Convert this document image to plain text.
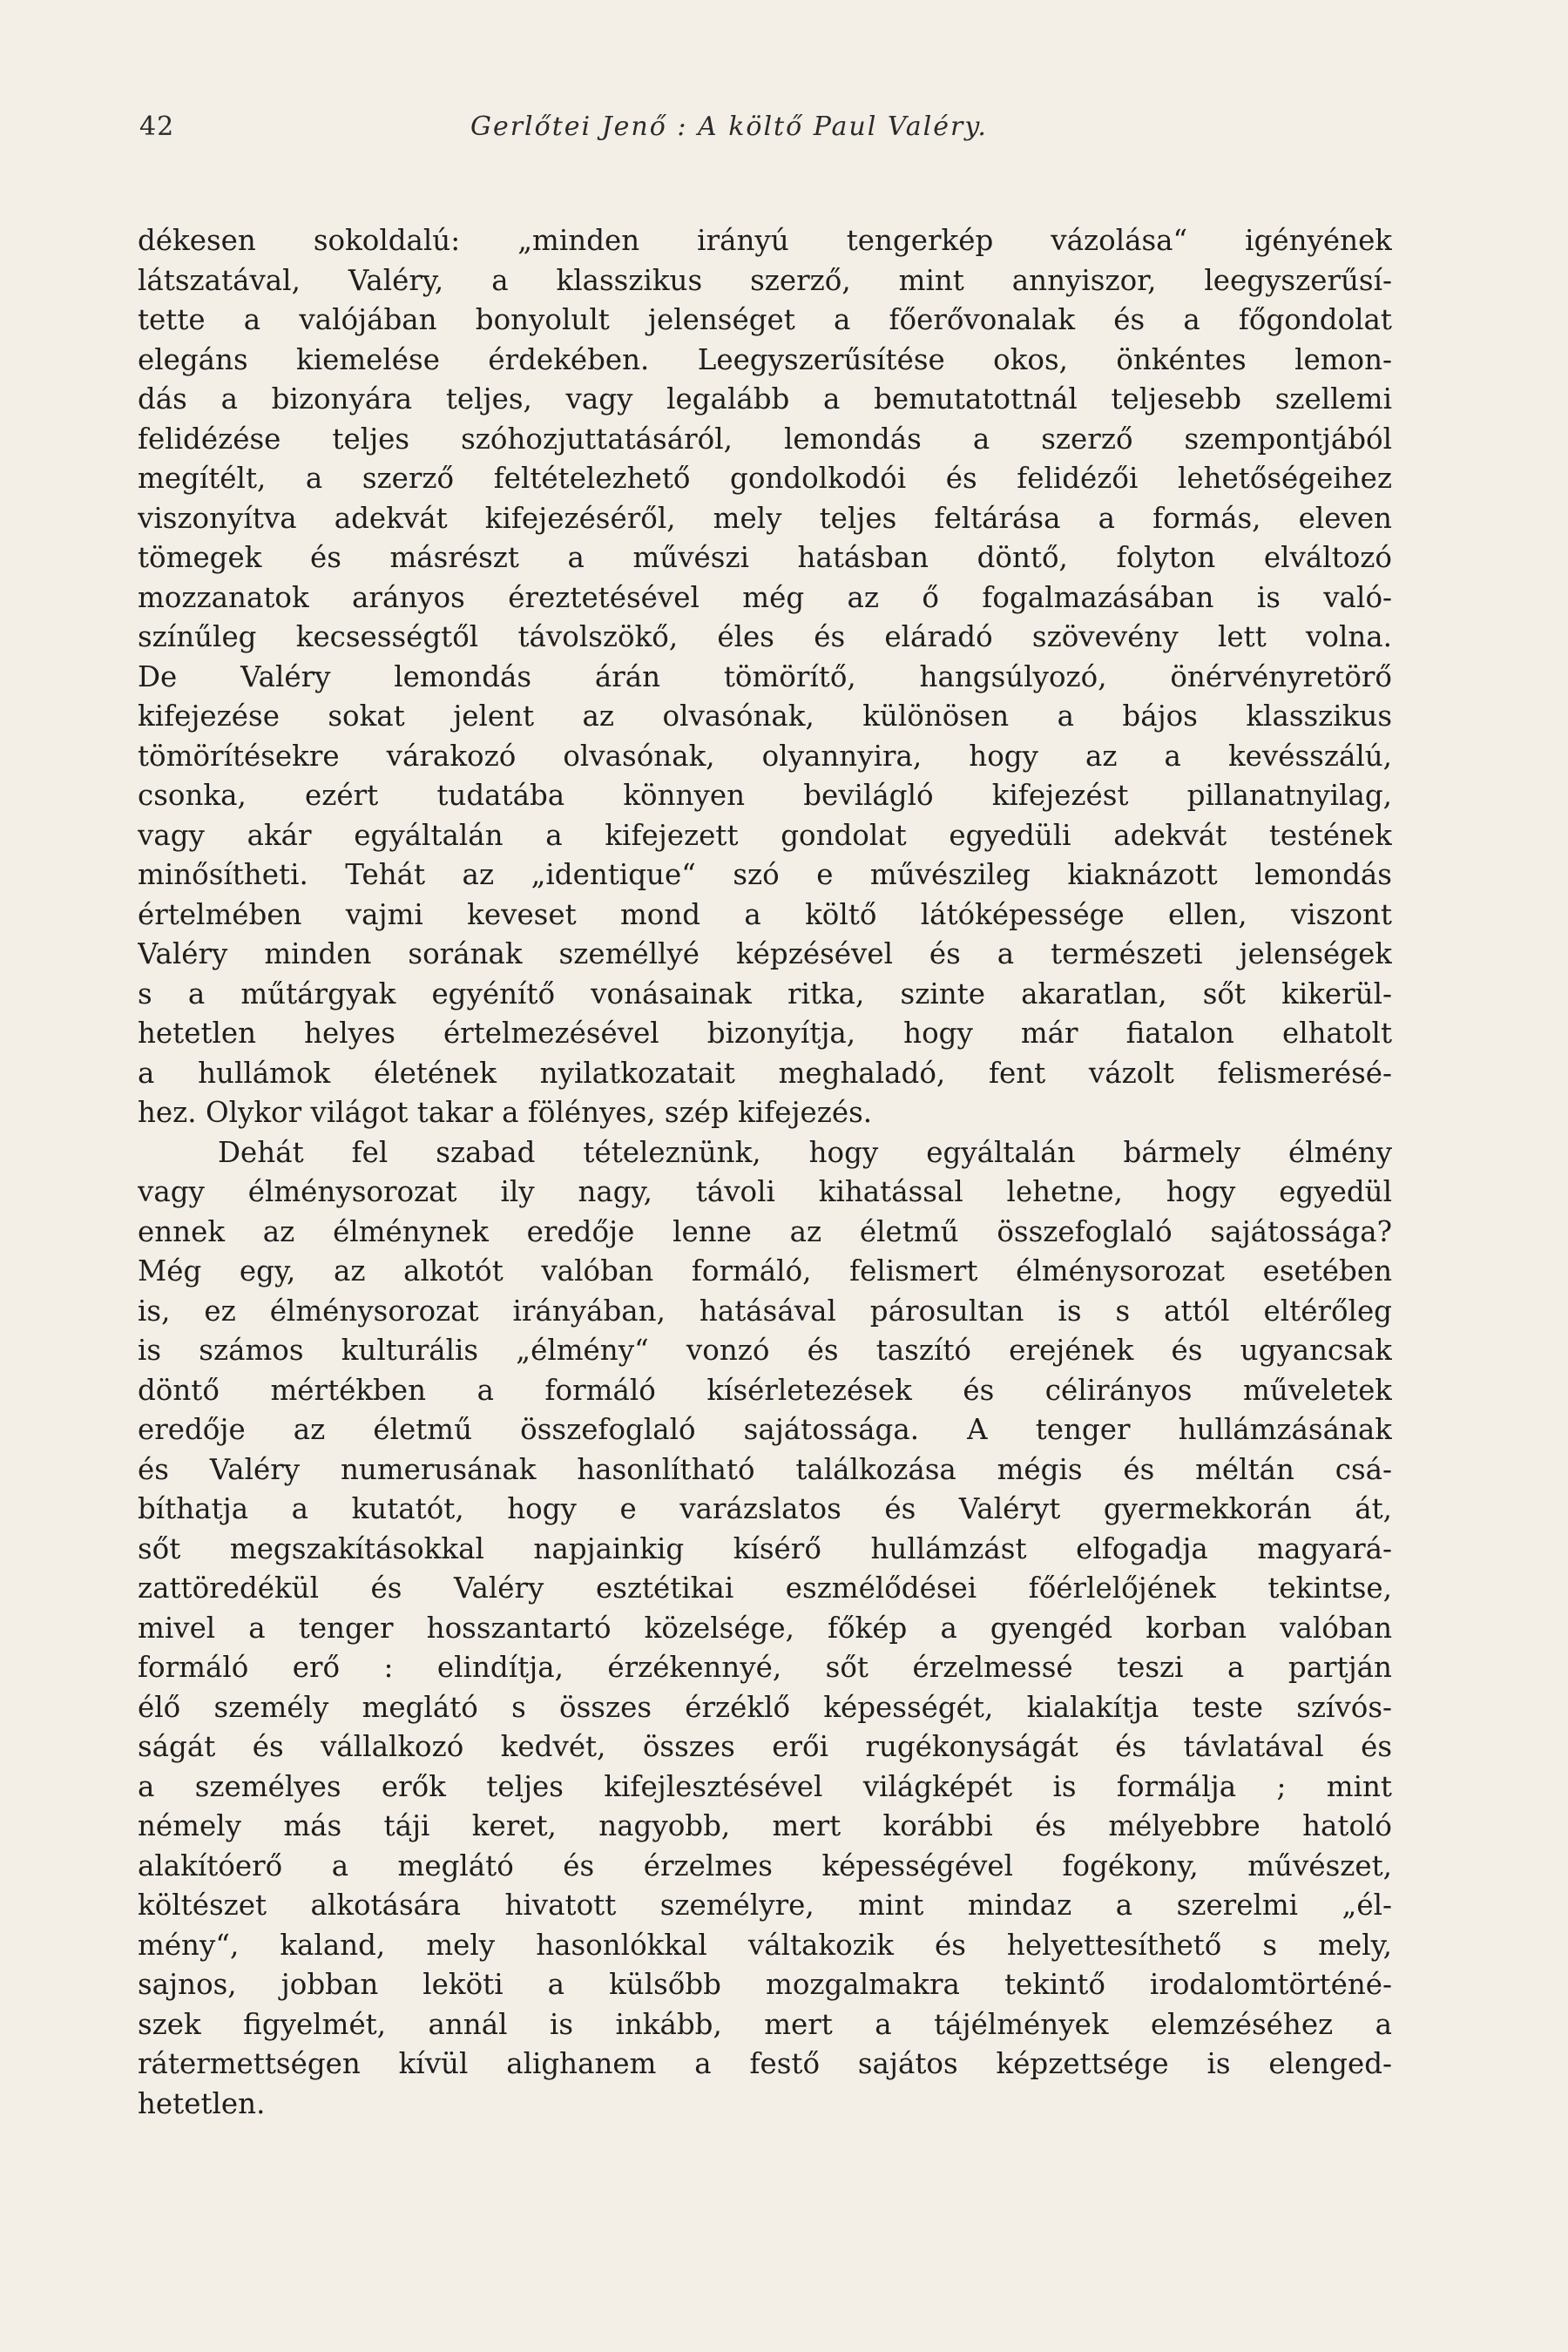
42	Gerlőtei Jenő : A költő Paul Valéry.
dékesen sokoldalú: „minden irányú tengerkép vázolása“ igényének
látszatával, Valéry, a klasszikus szerző, mint annyiszor, leegyszerűsí-
tette a valójában bonyolult jelenséget a főerővonalak és a főgondolat
elegáns kiemelése érdekében. Leegyszerűsítése okos, önkéntes lemon-
dás a bizonyára teljes, vagy legalább a bemutatottnál teljesebb szellemi
felidézése teljes szóhozjuttatásáról, lemondás a szerző szempontjából
megítélt, a szerző feltételezhető gondolkodói és felidézői lehetőségeihez
viszonyítva adekvát kifejezéséről, mely teljes feltárása a formás, eleven
tömegek és másrészt a művészi hatásban döntő, folyton elváltozó
mozzanatok arányos éreztetésével még az ő fogalmazásában is való-
színűleg kecsességtől távolszökő, éles és eláradó szövevény lett volna.
De Valéry lemondás árán tömörítő, hangsúlyozó, önérvényretörő
kifejezése sokat jelent az olvasónak, különösen a bájos klasszikus
tömörítésekre várakozó olvasónak, olyannyira, hogy az a kevésszálú,
csonka, ezért tudatába könnyen bevilágló kifejezést pillanatnyilag,
vagy akár egyáltalán a kifejezett gondolat egyedüli adekvát testének
minősítheti. Tehát az „identique“ szó e művészileg kiaknázott lemondás
értelmében vajmi keveset mond a költő látóképessége ellen, viszont
Valéry minden sorának személlyé képzésével és a természeti jelenségek
s a műtárgyak egyénítő vonásainak ritka, szinte akaratlan, sőt kikerül-
hetetlen helyes értelmezésével bizonyítja, hogy már fiatalon elhatolt
a hullámok életének nyilatkozatait meghaladó, fent vázolt felismerésé-
hez. Olykor világot takar a fölényes, szép kifejezés.
Dehát fel szabad tételeznünk, hogy egyáltalán bármely élmény
vagy élménysorozat ily nagy, távoli kihatással lehetne, hogy egyedül
ennek az élménynek eredője lenne az életmű összefoglaló sajátossága?
Még egy, az alkotót valóban formáló, felismert élménysorozat esetében
is, ez élménysorozat irányában, hatásával párosultan is s attól eltérőleg
is számos kulturális „élmény“ vonzó és taszító erejének és ugyancsak
döntő mértékben a formáló kísérletezések és célirányos műveletek
eredője az életmű összefoglaló sajátossága. A tenger hullámzásának
és Valéry numerusának hasonlítható találkozása mégis és méltán csá-
bíthatja a kutatót, hogy e varázslatos és Valéryt gyermekkorán át,
sőt megszakításokkal napjainkig kísérő hullámzást elfogadja magyará-
zattöredékül és Valéry esztétikai eszmélődései főérlelőjének tekintse,
mivel a tenger hosszantartó közelsége, főkép a gyengéd korban valóban
formáló erő : elindítja, érzékennyé, sőt érzelmessé teszi a partján
élő személy meglátó s összes érzéklő képességét, kialakítja teste szívós-
ságát és vállalkozó kedvét, összes erői rugékonyságát és távlatával és
a személyes erők teljes kifejlesztésével világképét is formálja ; mint
némely más táji keret, nagyobb, mert korábbi és mélyebbre hatoló
alakítóerő a meglátó és érzelmes képességével fogékony, művészet,
költészet alkotására hivatott személyre, mint mindaz a szerelmi „él-
mény“, kaland, mely hasonlókkal váltakozik és helyettesíthető s mely,
sajnos, jobban leköti a külsőbb mozgalmakra tekintő irodalomtörténé-
szek figyelmét, annál is inkább, mert a tájélmények elemzéséhez a
rátermettségen kívül alighanem a festő sajátos képzettsége is elenged-
hetetlen.
